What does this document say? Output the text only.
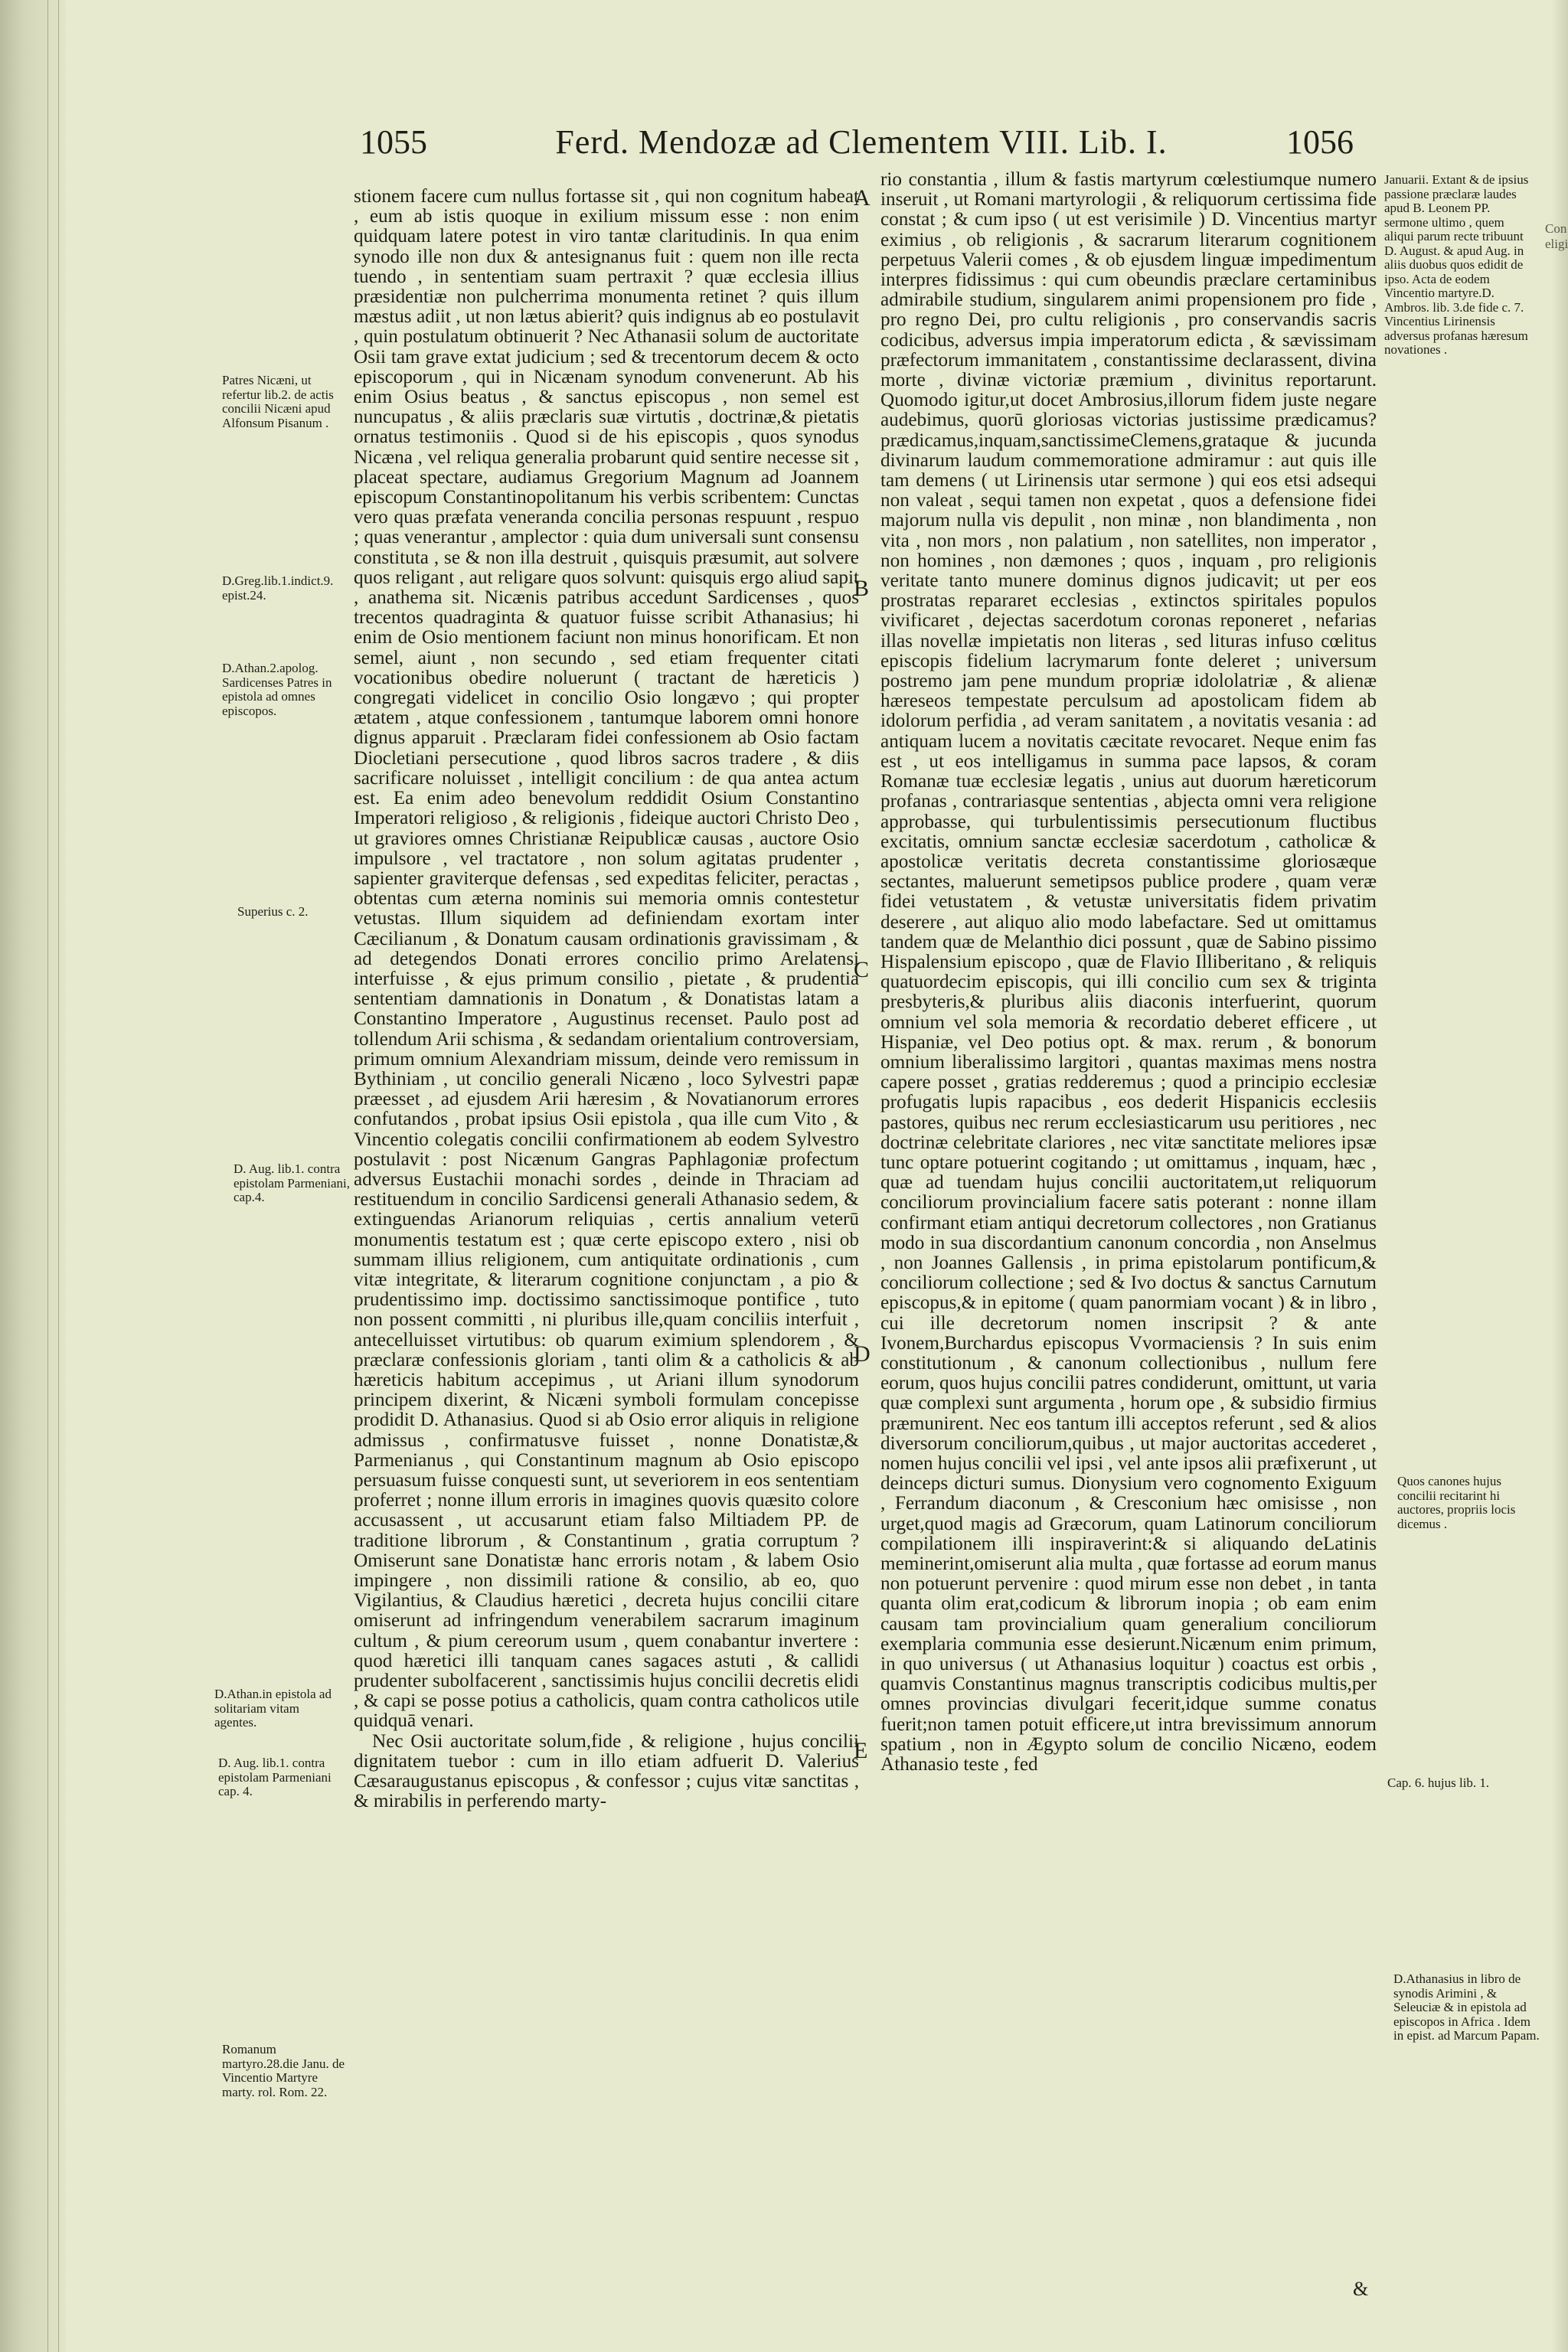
1055	Ferd. Mendozæ ad Clementem VIII. Lib. I.	1056
Patres Nicæni, ut refertur lib.2. de actis concilii Nicæni apud Alfonsum Pisanum .
D.Greg.lib.1.indict.9. epist.24.
D.Athan.2.apolog. Sardicenses Patres in epistola ad omnes episcopos.
Superius c. 2.
D. Aug. lib.1. contra epistolam Parmeniani, cap.4.
D.Athan.in epistola ad solitariam vitam agentes.
D. Aug. lib.1. contra epistolam Parmeniani cap. 4.
Romanum martyro.28.die Janu. de Vincentio Martyre marty. rol. Rom. 22.
A
B
C
D
E

stionem facere cum nullus fortasse sit , qui non cognitum habeat , eum ab istis quoque in exilium missum esse : non enim quidquam latere potest in viro tantæ claritudinis. In qua enim synodo ille non dux & antesignanus fuit : quem non ille recta tuendo , in sententiam suam pertraxit ? quæ ecclesia illius præsidentiæ non pulcherrima monumenta retinet ? quis illum mæstus adiit , ut non lætus abierit? quis indignus ab eo postulavit , quin postulatum obtinuerit ? Nec Athanasii solum de auctoritate Osii tam grave extat judicium ; sed & trecentorum decem & octo episcoporum , qui in Nicænam synodum convenerunt. Ab his enim Osius beatus , & sanctus episcopus , non semel est nuncupatus , & aliis præclaris suæ virtutis , doctrinæ,& pietatis ornatus testimoniis . Quod si de his episcopis , quos synodus Nicæna , vel reliqua generalia probarunt quid sentire necesse sit , placeat spectare, audiamus Gregorium Magnum ad Joannem episcopum Constantinopolitanum his verbis scribentem: Cunctas vero quas præfata veneranda concilia personas respuunt , respuo ; quas venerantur , amplector : quia dum universali sunt consensu constituta , se & non illa destruit , quisquis præsumit, aut solvere quos religant , aut religare quos solvunt: quisquis ergo aliud sapit , anathema sit. Nicænis patribus accedunt Sardicenses , quos trecentos quadraginta & quatuor fuisse scribit Athanasius; hi enim de Osio mentionem faciunt non minus honorificam. Et non semel, aiunt , non secundo , sed etiam frequenter citati vocationibus obedire noluerunt ( tractant de hæreticis ) congregati videlicet in concilio Osio longævo ; qui propter ætatem , atque confessionem , tantumque laborem omni honore dignus apparuit . Præclaram fidei confessionem ab Osio factam Diocletiani persecutione , quod libros sacros tradere , & diis sacrificare noluisset , intelligit concilium : de qua antea actum est. Ea enim adeo benevolum reddidit Osium Constantino Imperatori religioso , & religionis , fideique auctori Christo Deo , ut graviores omnes Christianæ Reipublicæ causas , auctore Osio impulsore , vel tractatore , non solum agitatas prudenter , sapienter graviterque defensas , sed expeditas feliciter, peractas , obtentas cum æterna nominis sui memoria omnis contestetur vetustas. Illum siquidem ad definiendam exortam inter Cæcilianum , & Donatum causam ordinationis gravissimam , & ad detegendos Donati errores concilio primo Arelatensi interfuisse , & ejus primum consilio , pietate , & prudentia sententiam damnationis in Donatum , & Donatistas latam a Constantino Imperatore , Augustinus recenset. Paulo post ad tollendum Arii schisma , & sedandam orientalium controversiam, primum omnium Alexandriam missum, deinde vero remissum in Bythiniam , ut concilio generali Nicæno , loco Sylvestri papæ præesset , ad ejusdem Arii hæresim , & Novatianorum errores confutandos , probat ipsius Osii epistola , qua ille cum Vito , & Vincentio colegatis concilii confirmationem ab eodem Sylvestro postulavit : post Nicænum Gangras Paphlagoniæ profectum adversus Eustachii monachi sordes , deinde in Thraciam ad restituendum in concilio Sardicensi generali Athanasio sedem, & extinguendas Arianorum reliquias , certis annalium veterū monumentis testatum est ; quæ certe episcopo extero , nisi ob summam illius religionem, cum antiquitate ordinationis , cum vitæ integritate, & literarum cognitione conjunctam , a pio & prudentissimo imp. doctissimo sanctissimoque pontifice , tuto non possent committi , ni pluribus ille,quam conciliis interfuit , antecelluisset virtutibus: ob quarum eximium splendorem , & præclaræ confessionis gloriam , tanti olim & a catholicis & ab hæreticis habitum accepimus , ut Ariani illum synodorum principem dixerint, & Nicæni symboli formulam concepisse prodidit D. Athanasius. Quod si ab Osio error aliquis in religione admissus , confirmatusve fuisset , nonne Donatistæ,& Parmenianus , qui Constantinum magnum ab Osio episcopo persuasum fuisse conquesti sunt, ut severiorem in eos sententiam proferret ; nonne illum erroris in imagines quovis quæsito colore accusassent , ut accusarunt etiam falso Miltiadem PP. de traditione librorum , & Constantinum , gratia corruptum ? Omiserunt sane Donatistæ hanc erroris notam , & labem Osio impingere , non dissimili ratione & consilio, ab eo, quo Vigilantius, & Claudius hæretici , decreta hujus concilii citare omiserunt ad infringendum venerabilem sacrarum imaginum cultum , & pium cereorum usum , quem conabantur invertere : quod hæretici illi tanquam canes sagaces astuti , & callidi prudenter subolfacerent , sanctissimis hujus concilii decretis elidi , & capi se posse potius a catholicis, quam contra catholicos utile quidquā venari.

Nec Osii auctoritate solum,fide , & religione , hujus concilii dignitatem tuebor : cum in illo etiam adfuerit D. Valerius Cæsaraugustanus episcopus , & confessor ; cujus vitæ sanctitas , & mirabilis in perferendo marty-

rio constantia , illum & fastis martyrum cœlestiumque numero inseruit , ut Romani martyrologii , & reliquorum certissima fide constat ; & cum ipso ( ut est verisimile ) D. Vincentius martyr eximius , ob religionis , & sacrarum literarum cognitionem perpetuus Valerii comes , & ob ejusdem linguæ impedimentum interpres fidissimus : qui cum obeundis præclare certaminibus admirabile studium, singularem animi propensionem pro fide , pro regno Dei, pro cultu religionis , pro conservandis sacris codicibus, adversus impia imperatorum edicta , & sævissimam præfectorum immanitatem , constantissime declarassent, divina morte , divinæ victoriæ præmium , divinitus reportarunt. Quomodo igitur,ut docet Ambrosius,illorum fidem juste negare audebimus, quorū gloriosas victorias justissime prædicamus? prædicamus,inquam,sanctissimeClemens,grataque & jucunda divinarum laudum commemoratione admiramur : aut quis ille tam demens ( ut Lirinensis utar sermone ) qui eos etsi adsequi non valeat , sequi tamen non expetat , quos a defensione fidei majorum nulla vis depulit , non minæ , non blandimenta , non vita , non mors , non palatium , non satellites, non imperator , non homines , non dæmones ; quos , inquam , pro religionis veritate tanto munere dominus dignos judicavit; ut per eos prostratas repararet ecclesias , extinctos spiritales populos vivificaret , dejectas sacerdotum coronas reponeret , nefarias illas novellæ impietatis non literas , sed lituras infuso cœlitus episcopis fidelium lacrymarum fonte deleret ; universum postremo jam pene mundum propriæ idololatriæ , & alienæ hæreseos tempestate perculsum ad apostolicam fidem ab idolorum perfidia , ad veram sanitatem , a novitatis vesania : ad antiquam lucem a novitatis cæcitate revocaret. Neque enim fas est , ut eos intelligamus in summa pace lapsos, & coram Romanæ tuæ ecclesiæ legatis , unius aut duorum hæreticorum profanas , contrariasque sententias , abjecta omni vera religione approbasse, qui turbulentissimis persecutionum fluctibus excitatis, omnium sanctæ ecclesiæ sacerdotum , catholicæ & apostolicæ veritatis decreta constantissime gloriosæque sectantes, maluerunt semetipsos publice prodere , quam veræ fidei vetustatem , & vetustæ universitatis fidem privatim deserere , aut aliquo alio modo labefactare. Sed ut omittamus tandem quæ de Melanthio dici possunt , quæ de Sabino pissimo Hispalensium episcopo , quæ de Flavio Illiberitano , & reliquis quatuordecim episcopis, qui illi concilio cum sex & triginta presbyteris,& pluribus aliis diaconis interfuerint, quorum omnium vel sola memoria & recordatio deberet efficere , ut Hispaniæ, vel Deo potius opt. & max. rerum , & bonorum omnium liberalissimo largitori , quantas maximas mens nostra capere posset , gratias redderemus ; quod a principio ecclesiæ profugatis lupis rapacibus , eos dederit Hispanicis ecclesiis pastores, quibus nec rerum ecclesiasticarum usu peritiores , nec doctrinæ celebritate clariores , nec vitæ sanctitate meliores ipsæ tunc optare potuerint cogitando ; ut omittamus , inquam, hæc , quæ ad tuendam hujus concilii auctoritatem,ut reliquorum conciliorum provincialium facere satis poterant : nonne illam confirmant etiam antiqui decretorum collectores , non Gratianus modo in sua discordantium canonum concordia , non Anselmus , non Joannes Gallensis , in prima epistolarum pontificum,& conciliorum collectione ; sed & Ivo doctus & sanctus Carnutum episcopus,& in epitome ( quam panormiam vocant ) & in libro , cui ille decretorum nomen inscripsit ? & ante Ivonem,Burchardus episcopus Vvormaciensis ? In suis enim constitutionum , & canonum collectionibus , nullum fere eorum, quos hujus concilii patres condiderunt, omittunt, ut varia quæ complexi sunt argumenta , horum ope , & subsidio firmius præmunirent. Nec eos tantum illi acceptos referunt , sed & alios diversorum conciliorum,quibus , ut major auctoritas accederet , nomen hujus concilii vel ipsi , vel ante ipsos alii præfixerunt , ut deinceps dicturi sumus. Dionysium vero cognomento Exiguum , Ferrandum diaconum , & Cresconium hæc omisisse , non urget,quod magis ad Græcorum, quam Latinorum conciliorum compilationem illi inspiraverint:& si aliquando deLatinis meminerint,omiserunt alia multa , quæ fortasse ad eorum manus non potuerunt pervenire : quod mirum esse non debet , in tanta quanta olim erat,codicum & librorum inopia ; ob eam enim causam tam provincialium quam generalium conciliorum exemplaria communia esse desierunt.Nicænum enim primum, in quo universus ( ut Athanasius loquitur ) coactus est orbis , quamvis Constantinus magnus transcriptis codicibus multis,per omnes provincias divulgari fecerit,idque summe conatus fuerit;non tamen potuit efficere,ut intra brevissimum annorum spatium , non in Ægypto solum de concilio Nicæno, eodem Athanasio teste , fed

Januarii. Extant & de ipsius passione præclaræ laudes apud B. Leonem PP. sermone ultimo , quem aliqui parum recte tribuunt D. August. & apud Aug. in aliis duobus quos edidit de ipso. Acta de eodem Vincentio martyre.D. Ambros. lib. 3.de fide c. 7. Vincentius Lirinensis adversus profanas hæresum novationes .
Quos canones hujus concilii recitarint hi auctores, propriis locis dicemus .
Cap. 6. hujus lib. 1.
D.Athanasius in libro de synodis Arimini , & Seleuciæ & in epistola ad episcopos in Africa . Idem in epist. ad Marcum Papam.
Con
eligi
&
